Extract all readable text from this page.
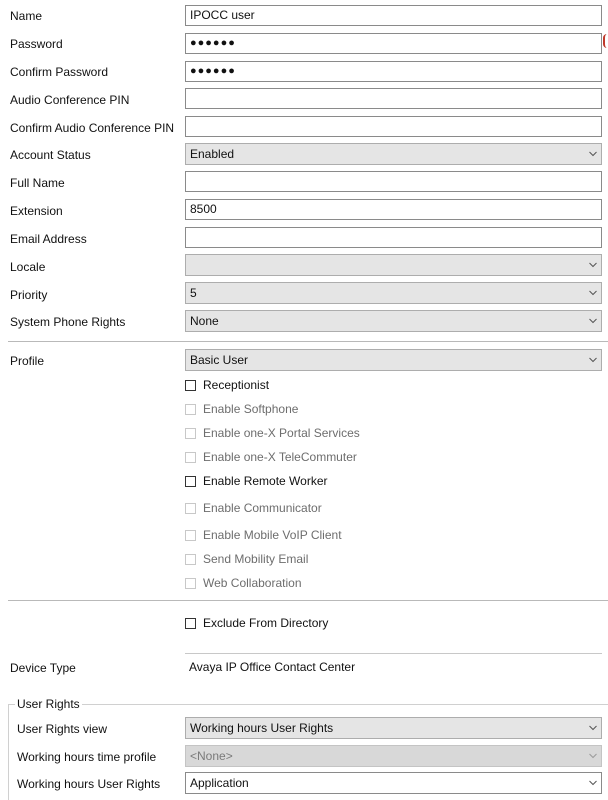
Name	IPOCC user
Password	●●●●●●
Confirm Password	●●●●●●
Audio Conference PIN
Confirm Audio Conference PIN
Account Status	Enabled
Full Name
Extension	8500
Email Address
Locale
Priority	5
System Phone Rights	None
Profile	Basic User
Receptionist
Enable Softphone
Enable one-X Portal Services
Enable one-X TeleCommuter
Enable Remote Worker
Enable Communicator
Enable Mobile VoIP Client
Send Mobility Email
Web Collaboration
Exclude From Directory
Device Type	Avaya IP Office Contact Center
User Rights
User Rights view	Working hours User Rights
Working hours time profile	<None>
Working hours User Rights	Application
